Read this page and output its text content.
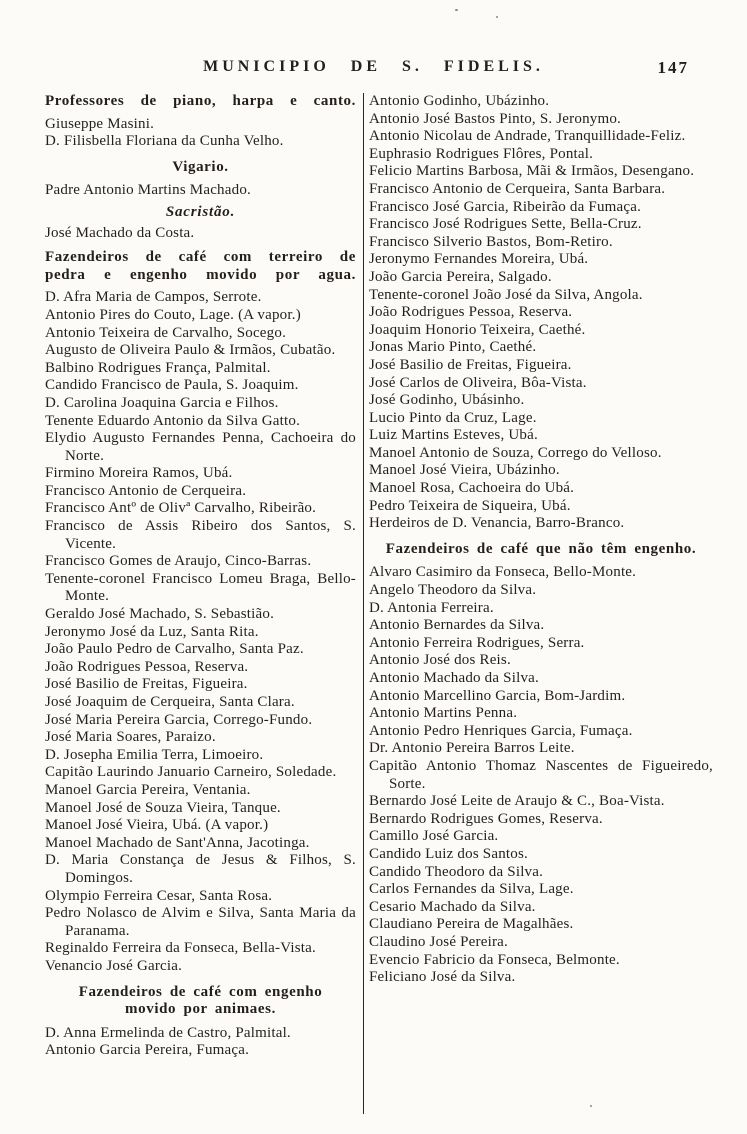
MUNICIPIO DE S. FIDELIS.	147
Professores de piano, harpa e canto.
Giuseppe Masini.
D. Filisbella Floriana da Cunha Velho.
Vigario.
Padre Antonio Martins Machado.
Sacristão.
José Machado da Costa.
Fazendeiros de café com terreiro de pedra e engenho movido por agua.
D. Afra Maria de Campos, Serrote.
Antonio Pires do Couto, Lage. (A vapor.)
Antonio Teixeira de Carvalho, Socego.
Augusto de Oliveira Paulo & Irmãos, Cubatão.
Balbino Rodrigues França, Palmital.
Candido Francisco de Paula, S. Joaquim.
D. Carolina Joaquina Garcia e Filhos.
Tenente Eduardo Antonio da Silva Gatto.
Elydio Augusto Fernandes Penna, Cachoeira do Norte.
Firmino Moreira Ramos, Ubá.
Francisco Antonio de Cerqueira.
Francisco Antº de Olivª Carvalho, Ribeirão.
Francisco de Assis Ribeiro dos Santos, S. Vicente.
Francisco Gomes de Araujo, Cinco-Barras.
Tenente-coronel Francisco Lomeu Braga, Bello-Monte.
Geraldo José Machado, S. Sebastião.
Jeronymo José da Luz, Santa Rita.
João Paulo Pedro de Carvalho, Santa Paz.
João Rodrigues Pessoa, Reserva.
José Basilio de Freitas, Figueira.
José Joaquim de Cerqueira, Santa Clara.
José Maria Pereira Garcia, Corrego-Fundo.
José Maria Soares, Paraizo.
D. Josepha Emilia Terra, Limoeiro.
Capitão Laurindo Januario Carneiro, Soledade.
Manoel Garcia Pereira, Ventania.
Manoel José de Souza Vieira, Tanque.
Manoel José Vieira, Ubá. (A vapor.)
Manoel Machado de Sant'Anna, Jacotinga.
D. Maria Constança de Jesus & Filhos, S. Domingos.
Olympio Ferreira Cesar, Santa Rosa.
Pedro Nolasco de Alvim e Silva, Santa Maria da Paranama.
Reginaldo Ferreira da Fonseca, Bella-Vista.
Venancio José Garcia.
Fazendeiros de café com engenho movido por animaes.
D. Anna Ermelinda de Castro, Palmital.
Antonio Garcia Pereira, Fumaça.
Antonio Godinho, Ubázinho.
Antonio José Bastos Pinto, S. Jeronymo.
Antonio Nicolau de Andrade, Tranquillidade-Feliz.
Euphrasio Rodrigues Flôres, Pontal.
Felicio Martins Barbosa, Mãi & Irmãos, Desengano.
Francisco Antonio de Cerqueira, Santa Barbara.
Francisco José Garcia, Ribeirão da Fumaça.
Francisco José Rodrigues Sette, Bella-Cruz.
Francisco Silverio Bastos, Bom-Retiro.
Jeronymo Fernandes Moreira, Ubá.
João Garcia Pereira, Salgado.
Tenente-coronel João José da Silva, Angola.
João Rodrigues Pessoa, Reserva.
Joaquim Honorio Teixeira, Caethé.
Jonas Mario Pinto, Caethé.
José Basilio de Freitas, Figueira.
José Carlos de Oliveira, Bôa-Vista.
José Godinho, Ubásinho.
Lucio Pinto da Cruz, Lage.
Luiz Martins Esteves, Ubá.
Manoel Antonio de Souza, Corrego do Velloso.
Manoel José Vieira, Ubázinho.
Manoel Rosa, Cachoeira do Ubá.
Pedro Teixeira de Siqueira, Ubá.
Herdeiros de D. Venancia, Barro-Branco.
Fazendeiros de café que não têm engenho.
Alvaro Casimiro da Fonseca, Bello-Monte.
Angelo Theodoro da Silva.
D. Antonia Ferreira.
Antonio Bernardes da Silva.
Antonio Ferreira Rodrigues, Serra.
Antonio José dos Reis.
Antonio Machado da Silva.
Antonio Marcellino Garcia, Bom-Jardim.
Antonio Martins Penna.
Antonio Pedro Henriques Garcia, Fumaça.
Dr. Antonio Pereira Barros Leite.
Capitão Antonio Thomaz Nascentes de Figueiredo, Sorte.
Bernardo José Leite de Araujo & C., Boa-Vista.
Bernardo Rodrigues Gomes, Reserva.
Camillo José Garcia.
Candido Luiz dos Santos.
Candido Theodoro da Silva.
Carlos Fernandes da Silva, Lage.
Cesario Machado da Silva.
Claudiano Pereira de Magalhães.
Claudino José Pereira.
Evencio Fabricio da Fonseca, Belmonte.
Feliciano José da Silva.
